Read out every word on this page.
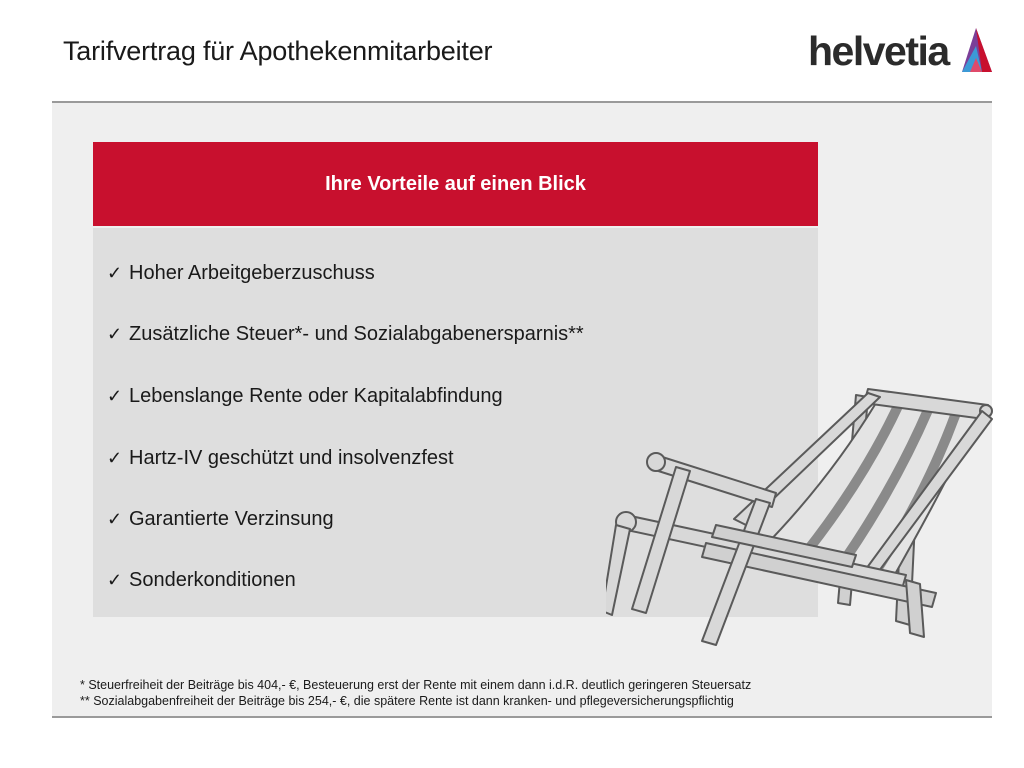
Tarifvertrag für Apothekenmitarbeiter	helvetia
Ihre Vorteile auf einen Blick
✓ Hoher Arbeitgeberzuschuss
✓ Zusätzliche Steuer*- und Sozialabgabenersparnis**
✓ Lebenslange Rente oder Kapitalabfindung
✓ Hartz-IV geschützt und insolvenzfest
✓ Garantierte Verzinsung
✓ Sonderkonditionen
* Steuerfreiheit der Beiträge bis 404,- €, Besteuerung erst der Rente mit einem dann i.d.R. deutlich geringeren Steuersatz
** Sozialabgabenfreiheit der Beiträge bis 254,- €, die spätere Rente ist dann kranken- und pflegeversicherungspflichtig
